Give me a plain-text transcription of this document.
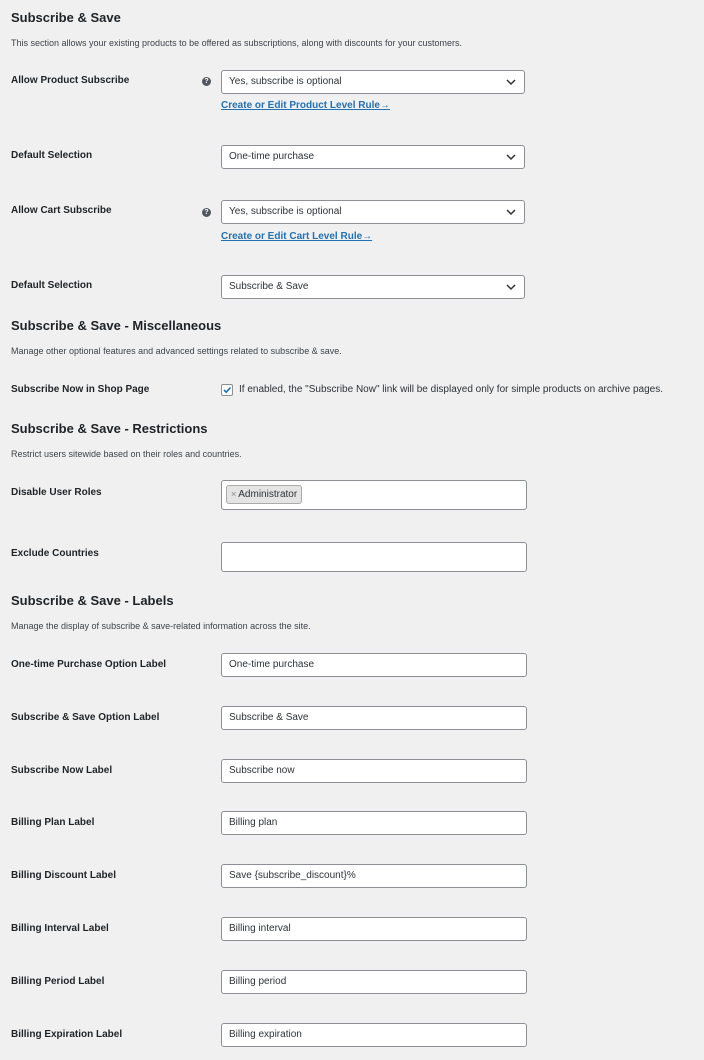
Subscribe & Save

This section allows your existing products to be offered as subscriptions, along with discounts for your customers.

Allow Product Subscribe	?	Yes, subscribe is optional
Create or Edit Product Level Rule→
Default Selection	One-time purchase
Allow Cart Subscribe	?	Yes, subscribe is optional
Create or Edit Cart Level Rule→
Default Selection	Subscribe & Save
Subscribe & Save - Miscellaneous

Manage other optional features and advanced settings related to subscribe & save.

Subscribe Now in Shop Page	If enabled, the "Subscribe Now" link will be displayed only for simple products on archive pages.
Subscribe & Save - Restrictions

Restrict users sitewide based on their roles and countries.

Disable User Roles	× Administrator
Exclude Countries
Subscribe & Save - Labels

Manage the display of subscribe & save-related information across the site.

One-time Purchase Option Label	One-time purchase
Subscribe & Save Option Label	Subscribe & Save
Subscribe Now Label	Subscribe now
Billing Plan Label	Billing plan
Billing Discount Label	Save {subscribe_discount}%
Billing Interval Label	Billing interval
Billing Period Label	Billing period
Billing Expiration Label	Billing expiration
